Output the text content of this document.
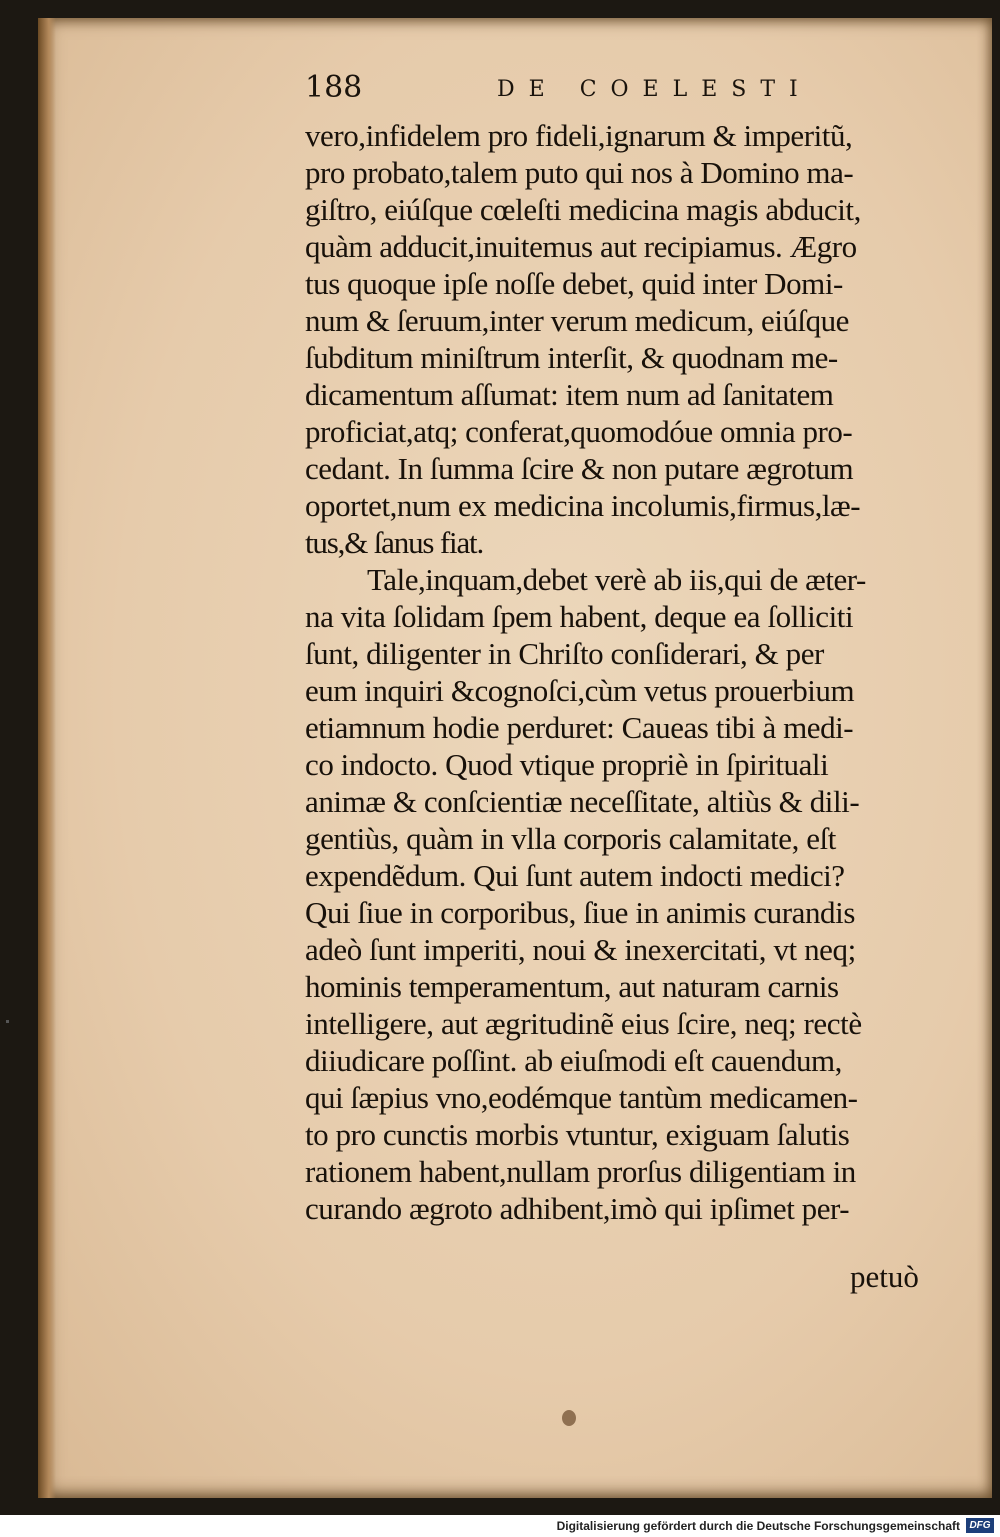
188	DE COELESTI
vero,infidelem pro fideli,ignarum & imperitũ,
pro probato,talem puto qui nos à Domino ma-
giſtro, eiúſque cœleſti medicina magis abducit,
quàm adducit,inuitemus aut recipiamus. Ægro
tus quoque ipſe noſſe debet, quid inter Domi-
num & ſeruum,inter verum medicum, eiúſque
ſubditum miniſtrum interſit, & quodnam me-
dicamentum aſſumat: item num ad ſanitatem
proficiat,atq; conferat,quomodóue omnia pro-
cedant. In ſumma ſcire & non putare ægrotum
oportet,num ex medicina incolumis,firmus,læ-
tus,& ſanus fiat.
Tale,inquam,debet verè ab iis,qui de æter-
na vita ſolidam ſpem habent, deque ea ſolliciti
ſunt, diligenter in Chriſto conſiderari, & per
eum inquiri &cognoſci,cùm vetus prouerbium
etiamnum hodie perduret: Caueas tibi à medi-
co indocto. Quod vtique propriè in ſpirituali
animæ & conſcientiæ neceſſitate, altiùs & dili-
gentiùs, quàm in vlla corporis calamitate, eſt
expendẽdum. Qui ſunt autem indocti medici?
Qui ſiue in corporibus, ſiue in animis curandis
adeò ſunt imperiti, noui & inexercitati, vt neq;
hominis temperamentum, aut naturam carnis
intelligere, aut ægritudinẽ eius ſcire, neq; rectè
diiudicare poſſint. ab eiuſmodi eſt cauendum,
qui ſæpius vno,eodémque tantùm medicamen-
to pro cunctis morbis vtuntur, exiguam ſalutis
rationem habent,nullam prorſus diligentiam in
curando ægroto adhibent,imò qui ipſimet per-
petuò
Digitalisierung gefördert durch die Deutsche Forschungsgemeinschaft DFG
